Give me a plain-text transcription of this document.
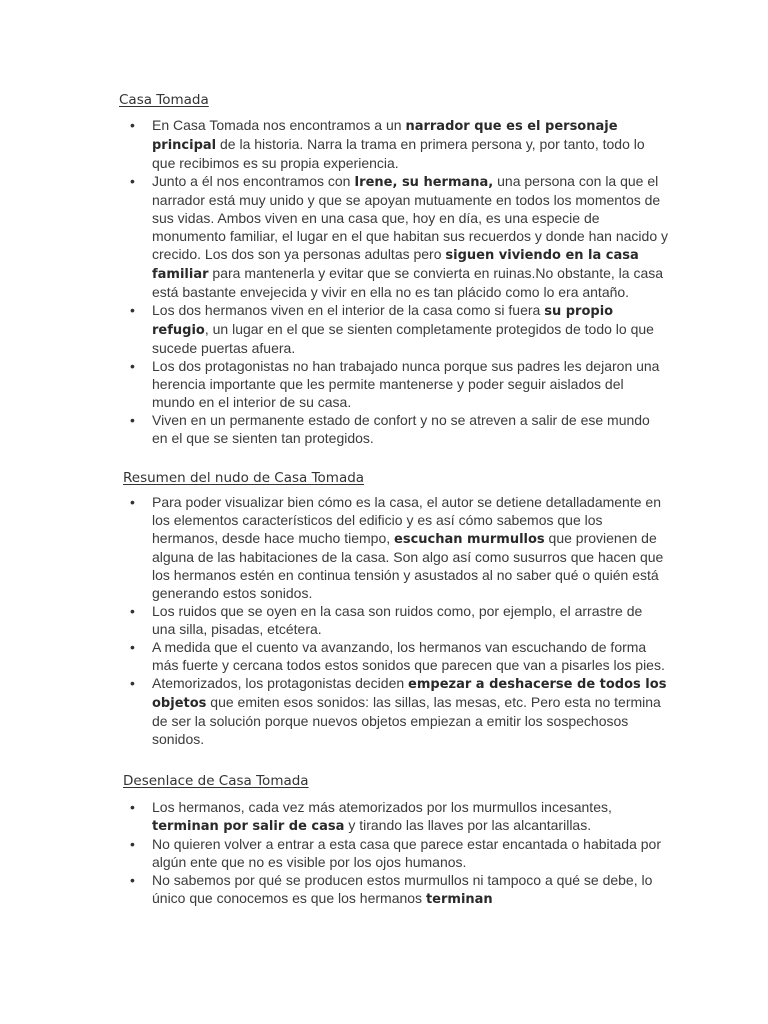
Casa Tomada
• En Casa Tomada nos encontramos a un narrador que es el personaje principal de la historia. Narra la trama en primera persona y, por tanto, todo lo que recibimos es su propia experiencia.
• Junto a él nos encontramos con Irene, su hermana, una persona con la que el narrador está muy unido y que se apoyan mutuamente en todos los momentos de sus vidas. Ambos viven en una casa que, hoy en día, es una especie de monumento familiar, el lugar en el que habitan sus recuerdos y donde han nacido y crecido. Los dos son ya personas adultas pero siguen viviendo en la casa familiar para mantenerla y evitar que se convierta en ruinas.No obstante, la casa está bastante envejecida y vivir en ella no es tan plácido como lo era antaño.
• Los dos hermanos viven en el interior de la casa como si fuera su propio refugio, un lugar en el que se sienten completamente protegidos de todo lo que sucede puertas afuera.
• Los dos protagonistas no han trabajado nunca porque sus padres les dejaron una herencia importante que les permite mantenerse y poder seguir aislados del mundo en el interior de su casa.
• Viven en un permanente estado de confort y no se atreven a salir de ese mundo en el que se sienten tan protegidos.
Resumen del nudo de Casa Tomada
• Para poder visualizar bien cómo es la casa, el autor se detiene detalladamente en los elementos característicos del edificio y es así cómo sabemos que los hermanos, desde hace mucho tiempo, escuchan murmullos que provienen de alguna de las habitaciones de la casa. Son algo así como susurros que hacen que los hermanos estén en continua tensión y asustados al no saber qué o quién está generando estos sonidos.
• Los ruidos que se oyen en la casa son ruidos como, por ejemplo, el arrastre de una silla, pisadas, etcétera.
• A medida que el cuento va avanzando, los hermanos van escuchando de forma más fuerte y cercana todos estos sonidos que parecen que van a pisarles los pies.
• Atemorizados, los protagonistas deciden empezar a deshacerse de todos los objetos que emiten esos sonidos: las sillas, las mesas, etc. Pero esta no termina de ser la solución porque nuevos objetos empiezan a emitir los sospechosos sonidos.
Desenlace de Casa Tomada
• Los hermanos, cada vez más atemorizados por los murmullos incesantes, terminan por salir de casa y tirando las llaves por las alcantarillas.
• No quieren volver a entrar a esta casa que parece estar encantada o habitada por algún ente que no es visible por los ojos humanos.
• No sabemos por qué se producen estos murmullos ni tampoco a qué se debe, lo único que conocemos es que los hermanos terminan
